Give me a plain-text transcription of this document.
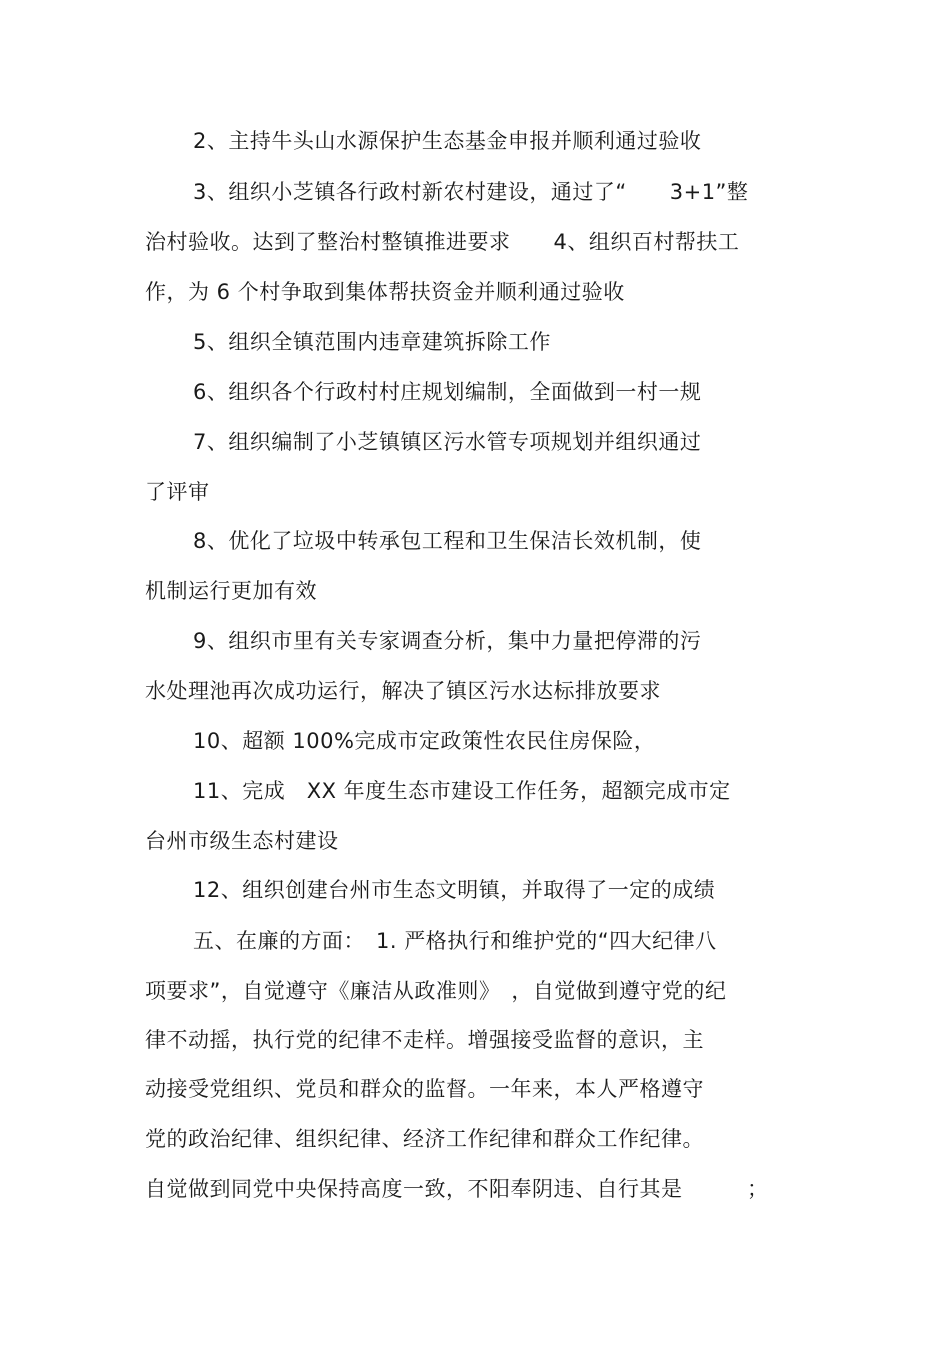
2、主持牛头山水源保护生态基金申报并顺利通过验收
3、组织小芝镇各行政村新农村建设，通过了“　　3+1”整
治村验收。达到了整治村整镇推进要求　　4、组织百村帮扶工
作，为 6 个村争取到集体帮扶资金并顺利通过验收
5、组织全镇范围内违章建筑拆除工作
6、组织各个行政村村庄规划编制，全面做到一村一规
7、组织编制了小芝镇镇区污水管专项规划并组织通过
了评审
8、优化了垃圾中转承包工程和卫生保洁长效机制，使
机制运行更加有效
9、组织市里有关专家调查分析，集中力量把停滞的污
水处理池再次成功运行，解决了镇区污水达标排放要求
10、超额 100%完成市定政策性农民住房保险，
11、完成　XX 年度生态市建设工作任务，超额完成市定
台州市级生态村建设
12、组织创建台州市生态文明镇，并取得了一定的成绩
五、在廉的方面：　1. 严格执行和维护党的“四大纪律八
项要求”，自觉遵守《廉洁从政准则》　，自觉做到遵守党的纪
律不动摇，执行党的纪律不走样。增强接受监督的意识，主
动接受党组织、党员和群众的监督。一年来，本人严格遵守
党的政治纪律、组织纪律、经济工作纪律和群众工作纪律。
自觉做到同党中央保持高度一致，不阳奉阴违、自行其是　　　；
